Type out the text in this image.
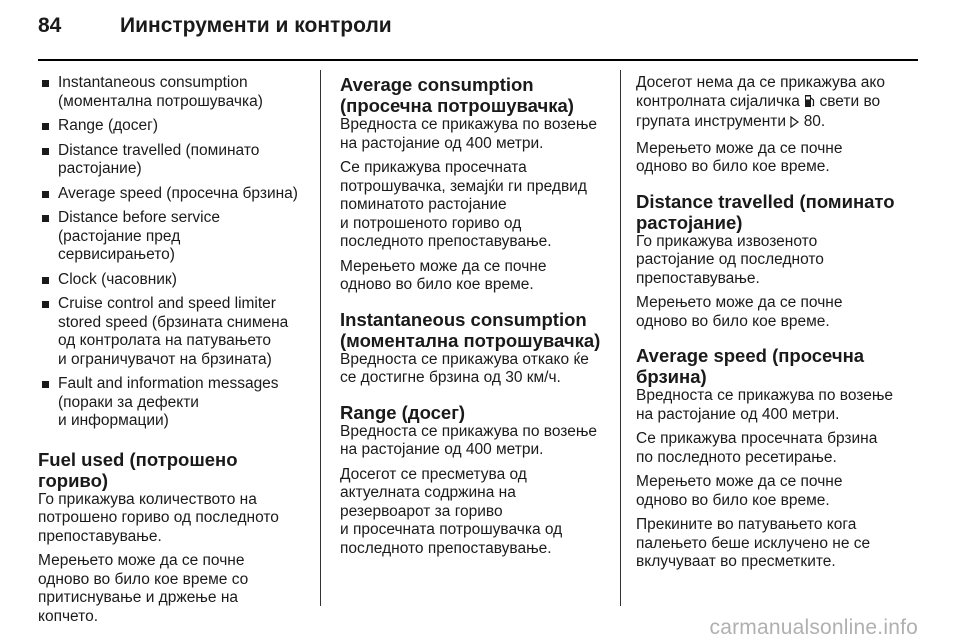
84	Иинструменти и контроли
Instantaneous consumption
(моментална потрошувачка)
Range (досег)
Distance travelled (поминато
растојание)
Average speed (просечна брзина)
Distance before service
(растојание пред
сервисирањето)
Clock (часовник)
Cruise control and speed limiter
stored speed (брзината снимена
од контролата на патувањето
и ограничувачот на брзината)
Fault and information messages
(пораки за дефекти
и информации)
Fuel used (потрошено гориво)

Го прикажува количеството на
потрошено гориво од последното
препоставување.

Мерењето може да се почне
одново во било кое време со
притиснување и држење на
копчето.

Average consumption
(просечна потрошувачка)

Вредноста се прикажува по возење
на растојание од 400 метри.

Се прикажува просечната
потрошувачка, земајќи ги предвид
поминатото растојание
и потрошеното гориво од
последното препоставување.

Мерењето може да се почне
одново во било кое време.

Instantaneous consumption
(моментална потрошувачка)

Вредноста се прикажува откако ќе
се достигне брзина од 30 км/ч.

Range (досег)

Вредноста се прикажува по возење
на растојание од 400 метри.

Досегот се пресметува од
актуелната содржина на
резервоарот за гориво
и просечната потрошувачка од
последното препоставување.

Досегот нема да се прикажува ако
контролната сијаличка свети во
групата инструменти 80.

Мерењето може да се почне
одново во било кое време.

Distance travelled (поминато
растојание)

Го прикажува извозеното
растојание од последното
препоставување.

Мерењето може да се почне
одново во било кое време.

Average speed (просечна
брзина)

Вредноста се прикажува по возење
на растојание од 400 метри.

Се прикажува просечната брзина
по последното ресетирање.

Мерењето може да се почне
одново во било кое време.

Прекините во патувањето кога
палењето беше исклучено не се
вклучуваат во пресметките.

carmanualsonline.info
